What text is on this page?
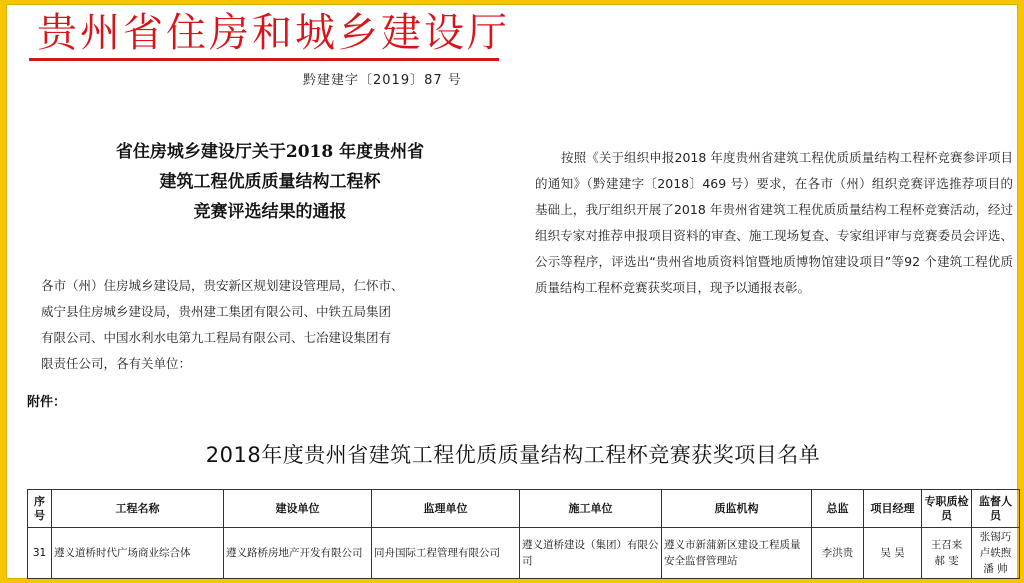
贵州省住房和城乡建设厅
黔建建字〔2019〕87 号
省住房城乡建设厅关于2018 年度贵州省
建筑工程优质质量结构工程杯
竞赛评选结果的通报
各市（州）住房城乡建设局，贵安新区规划建设管理局，仁怀市、
威宁县住房城乡建设局，贵州建工集团有限公司、中铁五局集团
有限公司、中国水利水电第九工程局有限公司、七冶建设集团有
限责任公司，各有关单位：
按照《关于组织申报2018 年度贵州省建筑工程优质质量结构工程杯竞赛参评项目的通知》（黔建建字〔2018〕469 号）要求，在各市（州）组织竞赛评选推荐项目的基础上，我厅组织开展了2018 年贵州省建筑工程优质质量结构工程杯竞赛活动，经过组织专家对推荐申报项目资料的审查、施工现场复查、专家组评审与竞赛委员会评选、公示等程序，评选出“贵州省地质资料馆暨地质博物馆建设项目”等92 个建筑工程优质质量结构工程杯竞赛获奖项目，现予以通报表彰。
附件：
2018年度贵州省建筑工程优质质量结构工程杯竞赛获奖项目名单
序号	工程名称	建设单位	监理单位	施工单位	质监机构	总监	项目经理	专职质检员	监督人员
31	遵义道桥时代广场商业综合体	遵义路桥房地产开发有限公司	同舟国际工程管理有限公司	遵义道桥建设（集团）有限公司	遵义市新蒲新区建设工程质量安全监督管理站	李洪贵	吴 昊	王召来 郝 雯	张锡巧 卢轶煦 潘 帅
